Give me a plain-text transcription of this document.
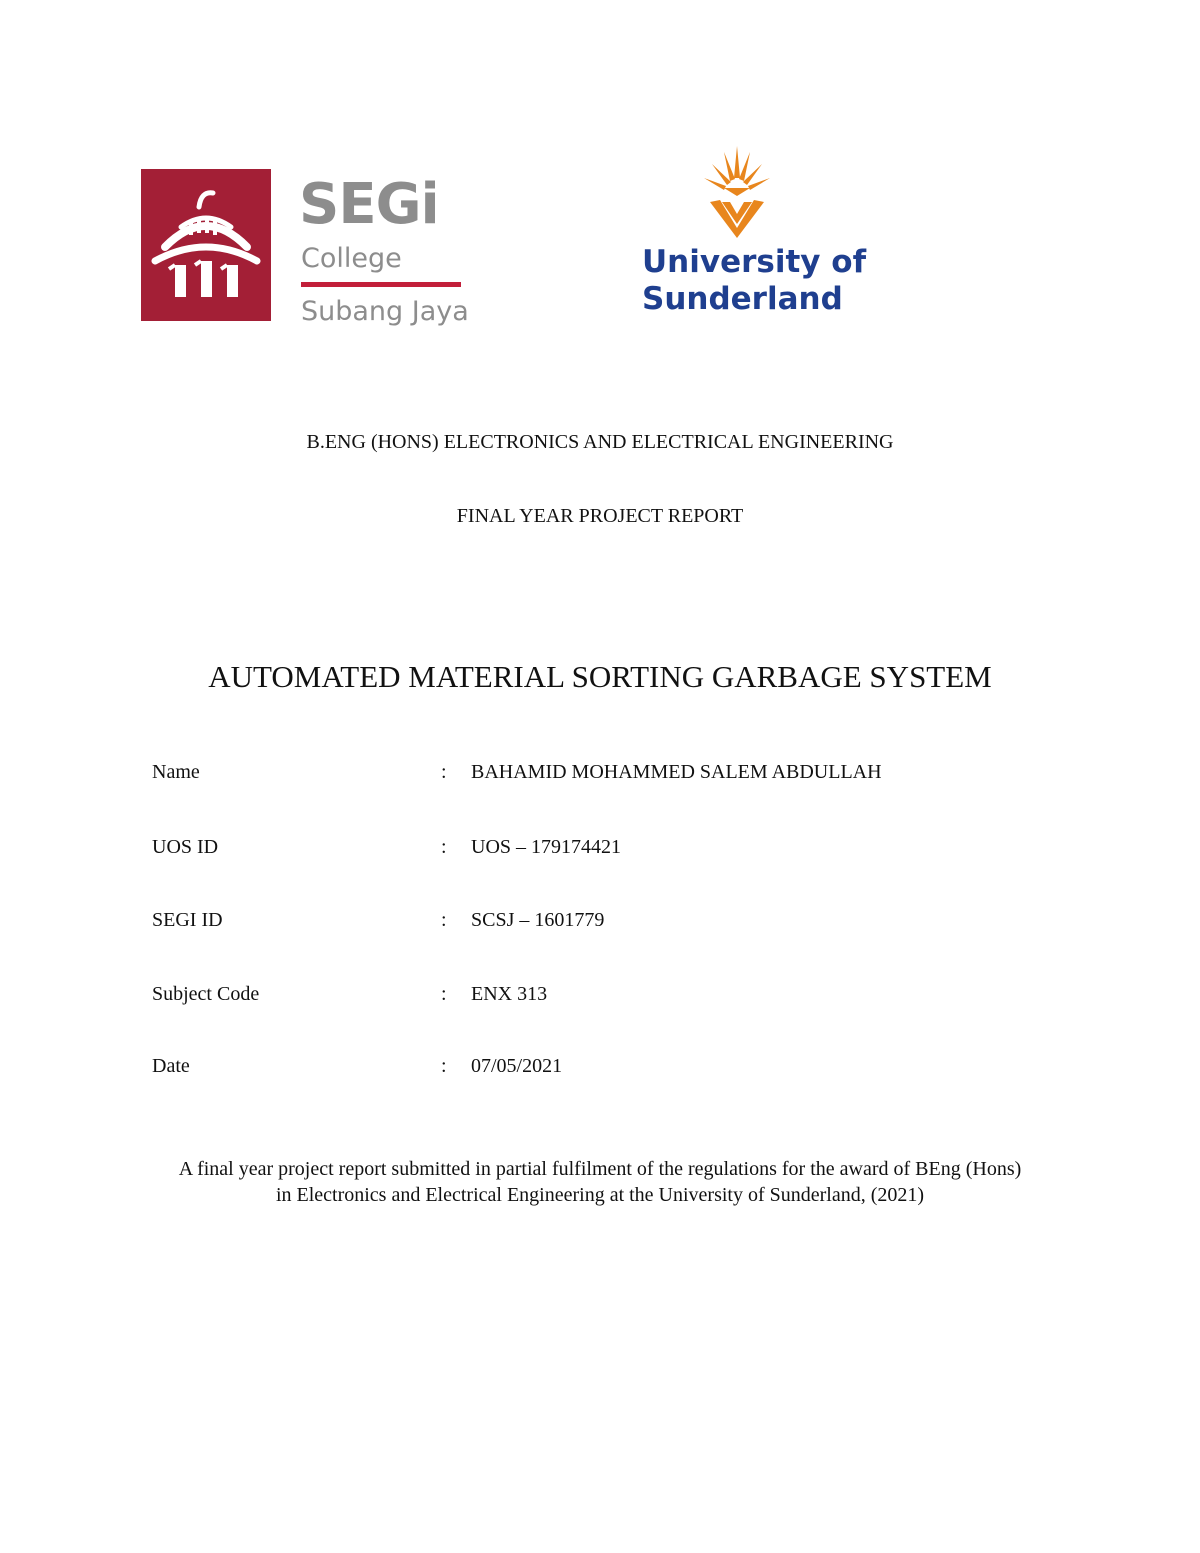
SEGi
College
Subang Jaya
University of
Sunderland
B.ENG (HONS) ELECTRONICS AND ELECTRICAL ENGINEERING
FINAL YEAR PROJECT REPORT
AUTOMATED MATERIAL SORTING GARBAGE SYSTEM
Name	: BAHAMID MOHAMMED SALEM ABDULLAH
UOS ID	: UOS – 179174421
SEGI ID	: SCSJ – 1601779
Subject Code	: ENX 313
Date	: 07/05/2021
A final year project report submitted in partial fulfilment of the regulations for the award of BEng (Hons)
in Electronics and Electrical Engineering at the University of Sunderland, (2021)
